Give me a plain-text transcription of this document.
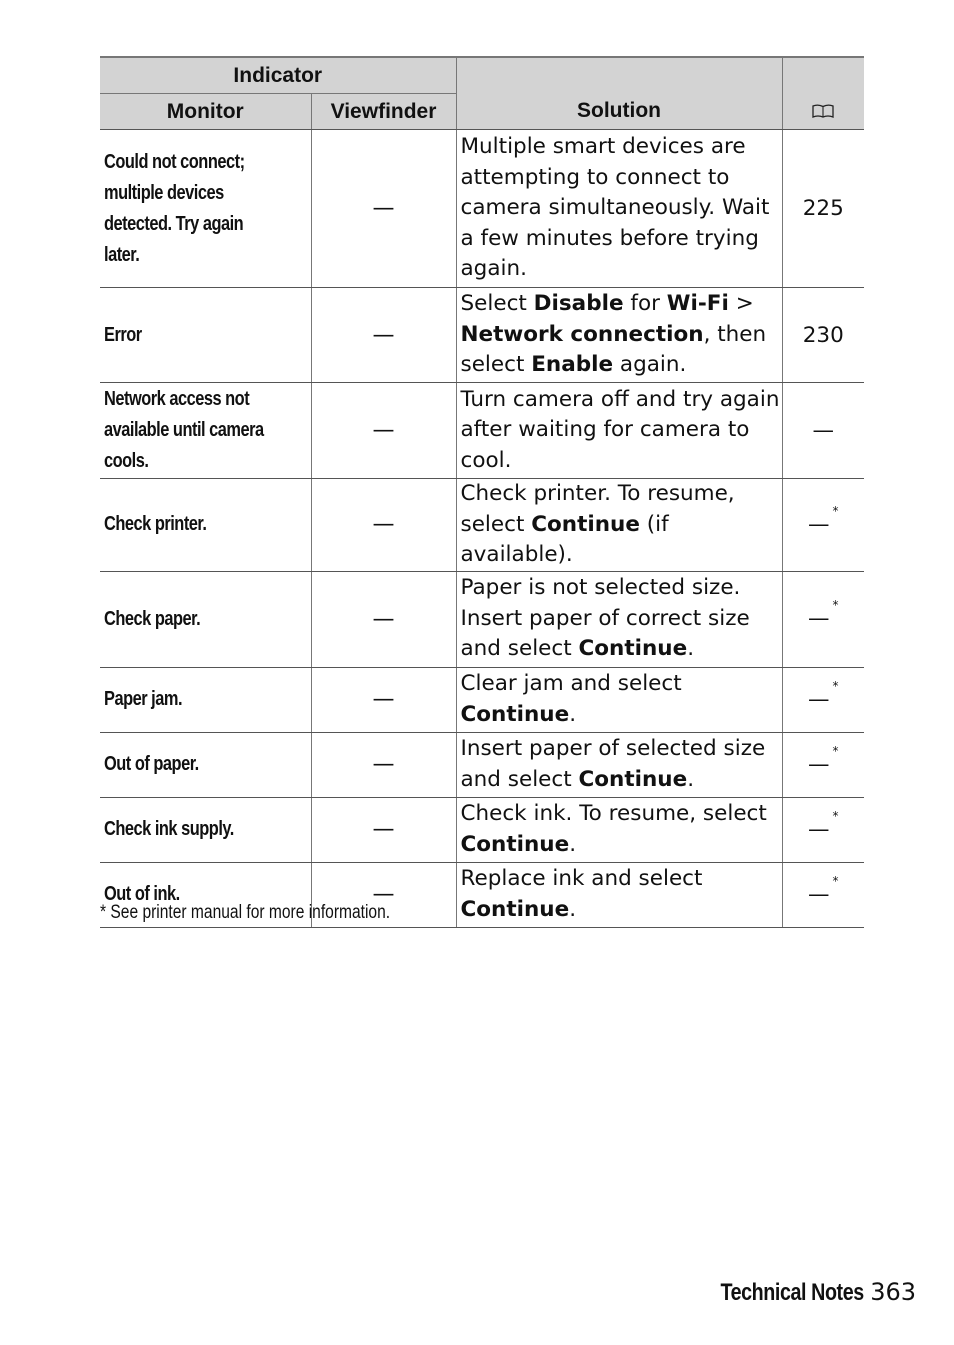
Indicator		Solution	
Monitor	Viewfinder		
Could not connect;
multiple devices
detected. Try again
later.	—	Multiple smart devices are attempting to connect to camera simultaneously. Wait a few minutes before trying again.	225
Error	—	Select Disable for Wi-Fi > Network connection, then select Enable again.	230
Network access not
available until camera
cools.	—	Turn camera off and try again after waiting for camera to cool.	—
Check printer.	—	Check printer. To resume, select Continue (if available).	—*
Check paper.	—	Paper is not selected size. Insert paper of correct size and select Continue.	—*
Paper jam.	—	Clear jam and select Continue.	—*
Out of paper.	—	Insert paper of selected size and select Continue.	—*
Check ink supply.	—	Check ink. To resume, select Continue.	—*
Out of ink.	—	Replace ink and select Continue.	—*
* See printer manual for more information.
Technical Notes 363
